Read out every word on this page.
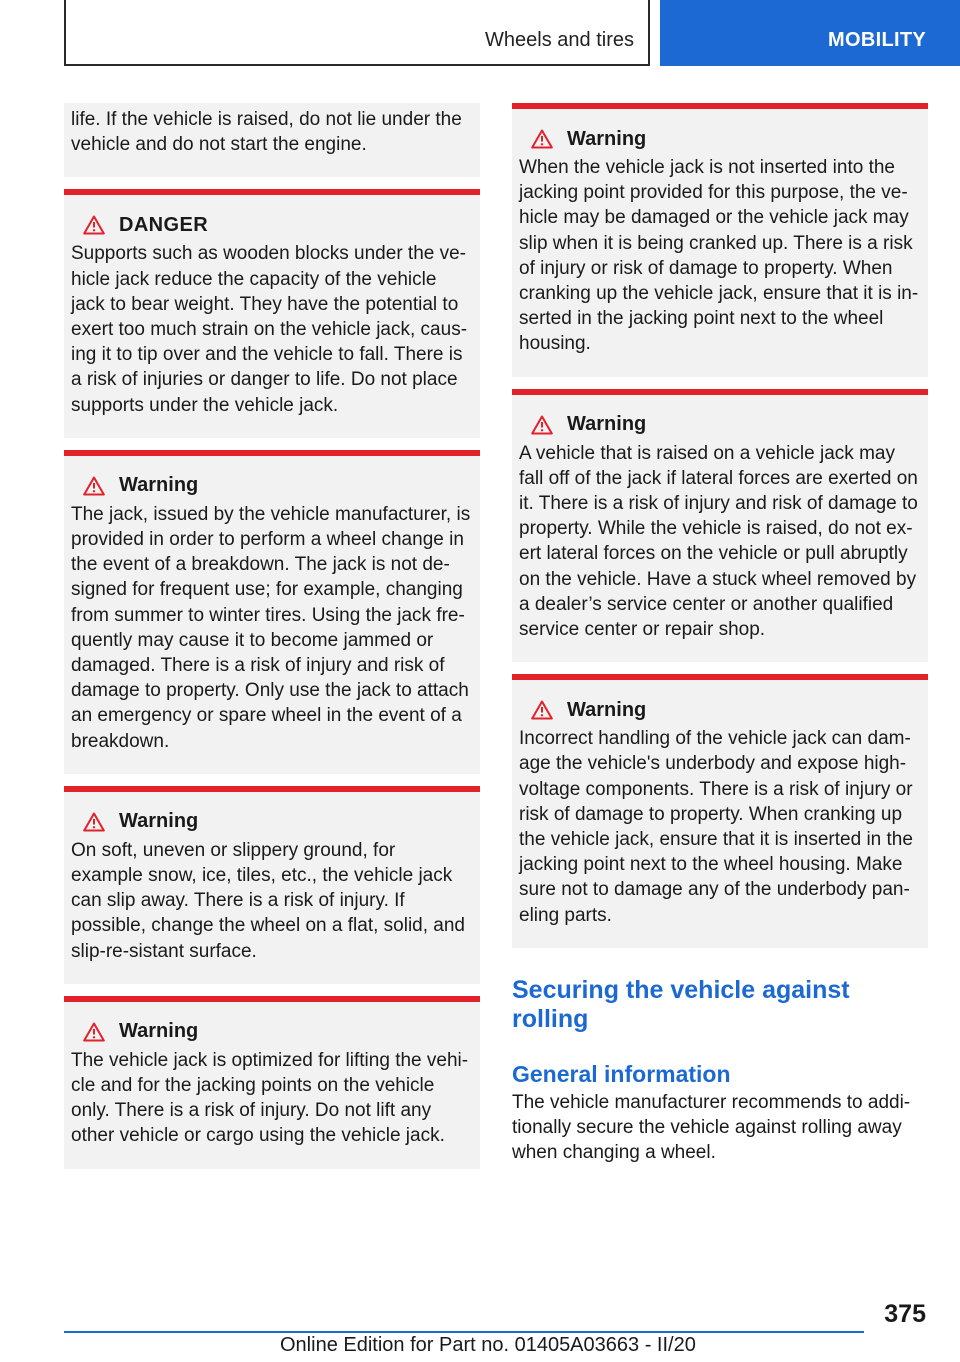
Wheels and tires	MOBILITY

life. If the vehicle is raised, do not lie under the vehicle and do not start the engine.

DANGER

Supports such as wooden blocks under the ve-hicle jack reduce the capacity of the vehicle jack to bear weight. They have the potential to exert too much strain on the vehicle jack, caus-ing it to tip over and the vehicle to fall. There is a risk of injuries or danger to life. Do not place supports under the vehicle jack.

Warning

The jack, issued by the vehicle manufacturer, is provided in order to perform a wheel change in the event of a breakdown. The jack is not de-signed for frequent use; for example, changing from summer to winter tires. Using the jack fre-quently may cause it to become jammed or damaged. There is a risk of injury and risk of damage to property. Only use the jack to attach an emergency or spare wheel in the event of a breakdown.

Warning

On soft, uneven or slippery ground, for example snow, ice, tiles, etc., the vehicle jack can slip away. There is a risk of injury. If possible, change the wheel on a flat, solid, and slip-re-sistant surface.

Warning

The vehicle jack is optimized for lifting the vehi-cle and for the jacking points on the vehicle only. There is a risk of injury. Do not lift any other vehicle or cargo using the vehicle jack.

Warning

When the vehicle jack is not inserted into the jacking point provided for this purpose, the ve-hicle may be damaged or the vehicle jack may slip when it is being cranked up. There is a risk of injury or risk of damage to property. When cranking up the vehicle jack, ensure that it is in-serted in the jacking point next to the wheel housing.

Warning

A vehicle that is raised on a vehicle jack may fall off of the jack if lateral forces are exerted on it. There is a risk of injury and risk of damage to property. While the vehicle is raised, do not ex-ert lateral forces on the vehicle or pull abruptly on the vehicle. Have a stuck wheel removed by a dealer’s service center or another qualified service center or repair shop.

Warning

Incorrect handling of the vehicle jack can dam-age the vehicle's underbody and expose high-voltage components. There is a risk of injury or risk of damage to property. When cranking up the vehicle jack, ensure that it is inserted in the jacking point next to the wheel housing. Make sure not to damage any of the underbody pan-eling parts.

Securing the vehicle against rolling
General information

The vehicle manufacturer recommends to addi-tionally secure the vehicle against rolling away when changing a wheel.

375
Online Edition for Part no. 01405A03663 - II/20
